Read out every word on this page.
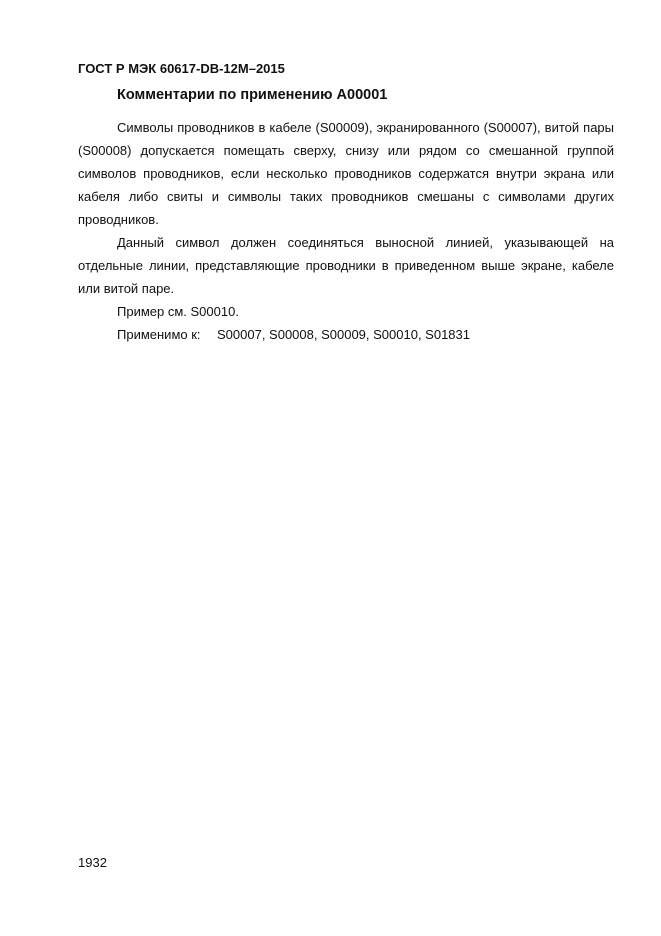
ГОСТ Р МЭК 60617-DB-12M–2015
Комментарии по применению A00001

Символы проводников в кабеле (S00009), экранированного (S00007), витой пары (S00008) допускается помещать сверху, снизу или рядом со смешанной группой символов проводников, если несколько проводников содержатся внутри экрана или кабеля либо свиты и символы таких проводников смешаны с символами других проводников.

Данный символ должен соединяться выносной линией, указывающей на отдельные линии, представляющие проводники в приведенном выше экране, кабеле или витой паре.

Пример см. S00010.

Применимо к:	S00007, S00008, S00009, S00010, S01831

1932
